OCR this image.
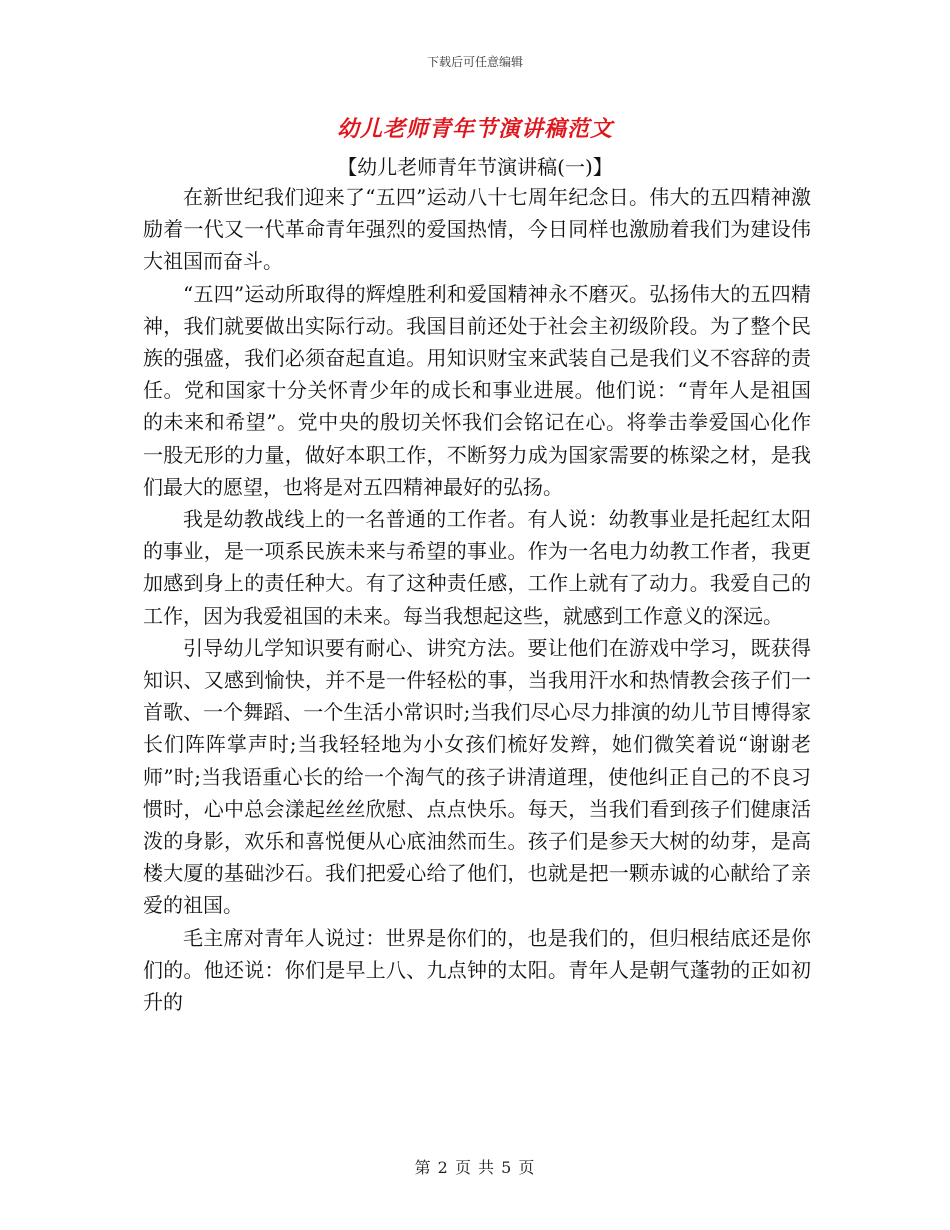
下载后可任意编辑
幼儿老师青年节演讲稿范文
【幼儿老师青年节演讲稿(一)】

在新世纪我们迎来了“五四”运动八十七周年纪念日。伟大的五四精神激励着一代又一代革命青年强烈的爱国热情，今日同样也激励着我们为建设伟大祖国而奋斗。

“五四”运动所取得的辉煌胜利和爱国精神永不磨灭。弘扬伟大的五四精神，我们就要做出实际行动。我国目前还处于社会主初级阶段。为了整个民族的强盛，我们必须奋起直追。用知识财宝来武装自己是我们义不容辞的责任。党和国家十分关怀青少年的成长和事业进展。他们说：“青年人是祖国的未来和希望”。党中央的殷切关怀我们会铭记在心。将拳击拳爱国心化作一股无形的力量，做好本职工作，不断努力成为国家需要的栋梁之材，是我们最大的愿望，也将是对五四精神最好的弘扬。

我是幼教战线上的一名普通的工作者。有人说：幼教事业是托起红太阳的事业，是一项系民族未来与希望的事业。作为一名电力幼教工作者，我更加感到身上的责任种大。有了这种责任感，工作上就有了动力。我爱自己的工作，因为我爱祖国的未来。每当我想起这些，就感到工作意义的深远。

引导幼儿学知识要有耐心、讲究方法。要让他们在游戏中学习，既获得知识、又感到愉快，并不是一件轻松的事，当我用汗水和热情教会孩子们一首歌、一个舞蹈、一个生活小常识时;当我们尽心尽力排演的幼儿节目博得家长们阵阵掌声时;当我轻轻地为小女孩们梳好发辫，她们微笑着说“谢谢老师”时;当我语重心长的给一个淘气的孩子讲清道理，使他纠正自己的不良习惯时，心中总会漾起丝丝欣慰、点点快乐。每天，当我们看到孩子们健康活泼的身影，欢乐和喜悦便从心底油然而生。孩子们是参天大树的幼芽，是高楼大厦的基础沙石。我们把爱心给了他们，也就是把一颗赤诚的心献给了亲爱的祖国。

毛主席对青年人说过：世界是你们的，也是我们的，但归根结底还是你们的。他还说：你们是早上八、九点钟的太阳。青年人是朝气蓬勃的正如初升的

第 2 页 共 5 页
